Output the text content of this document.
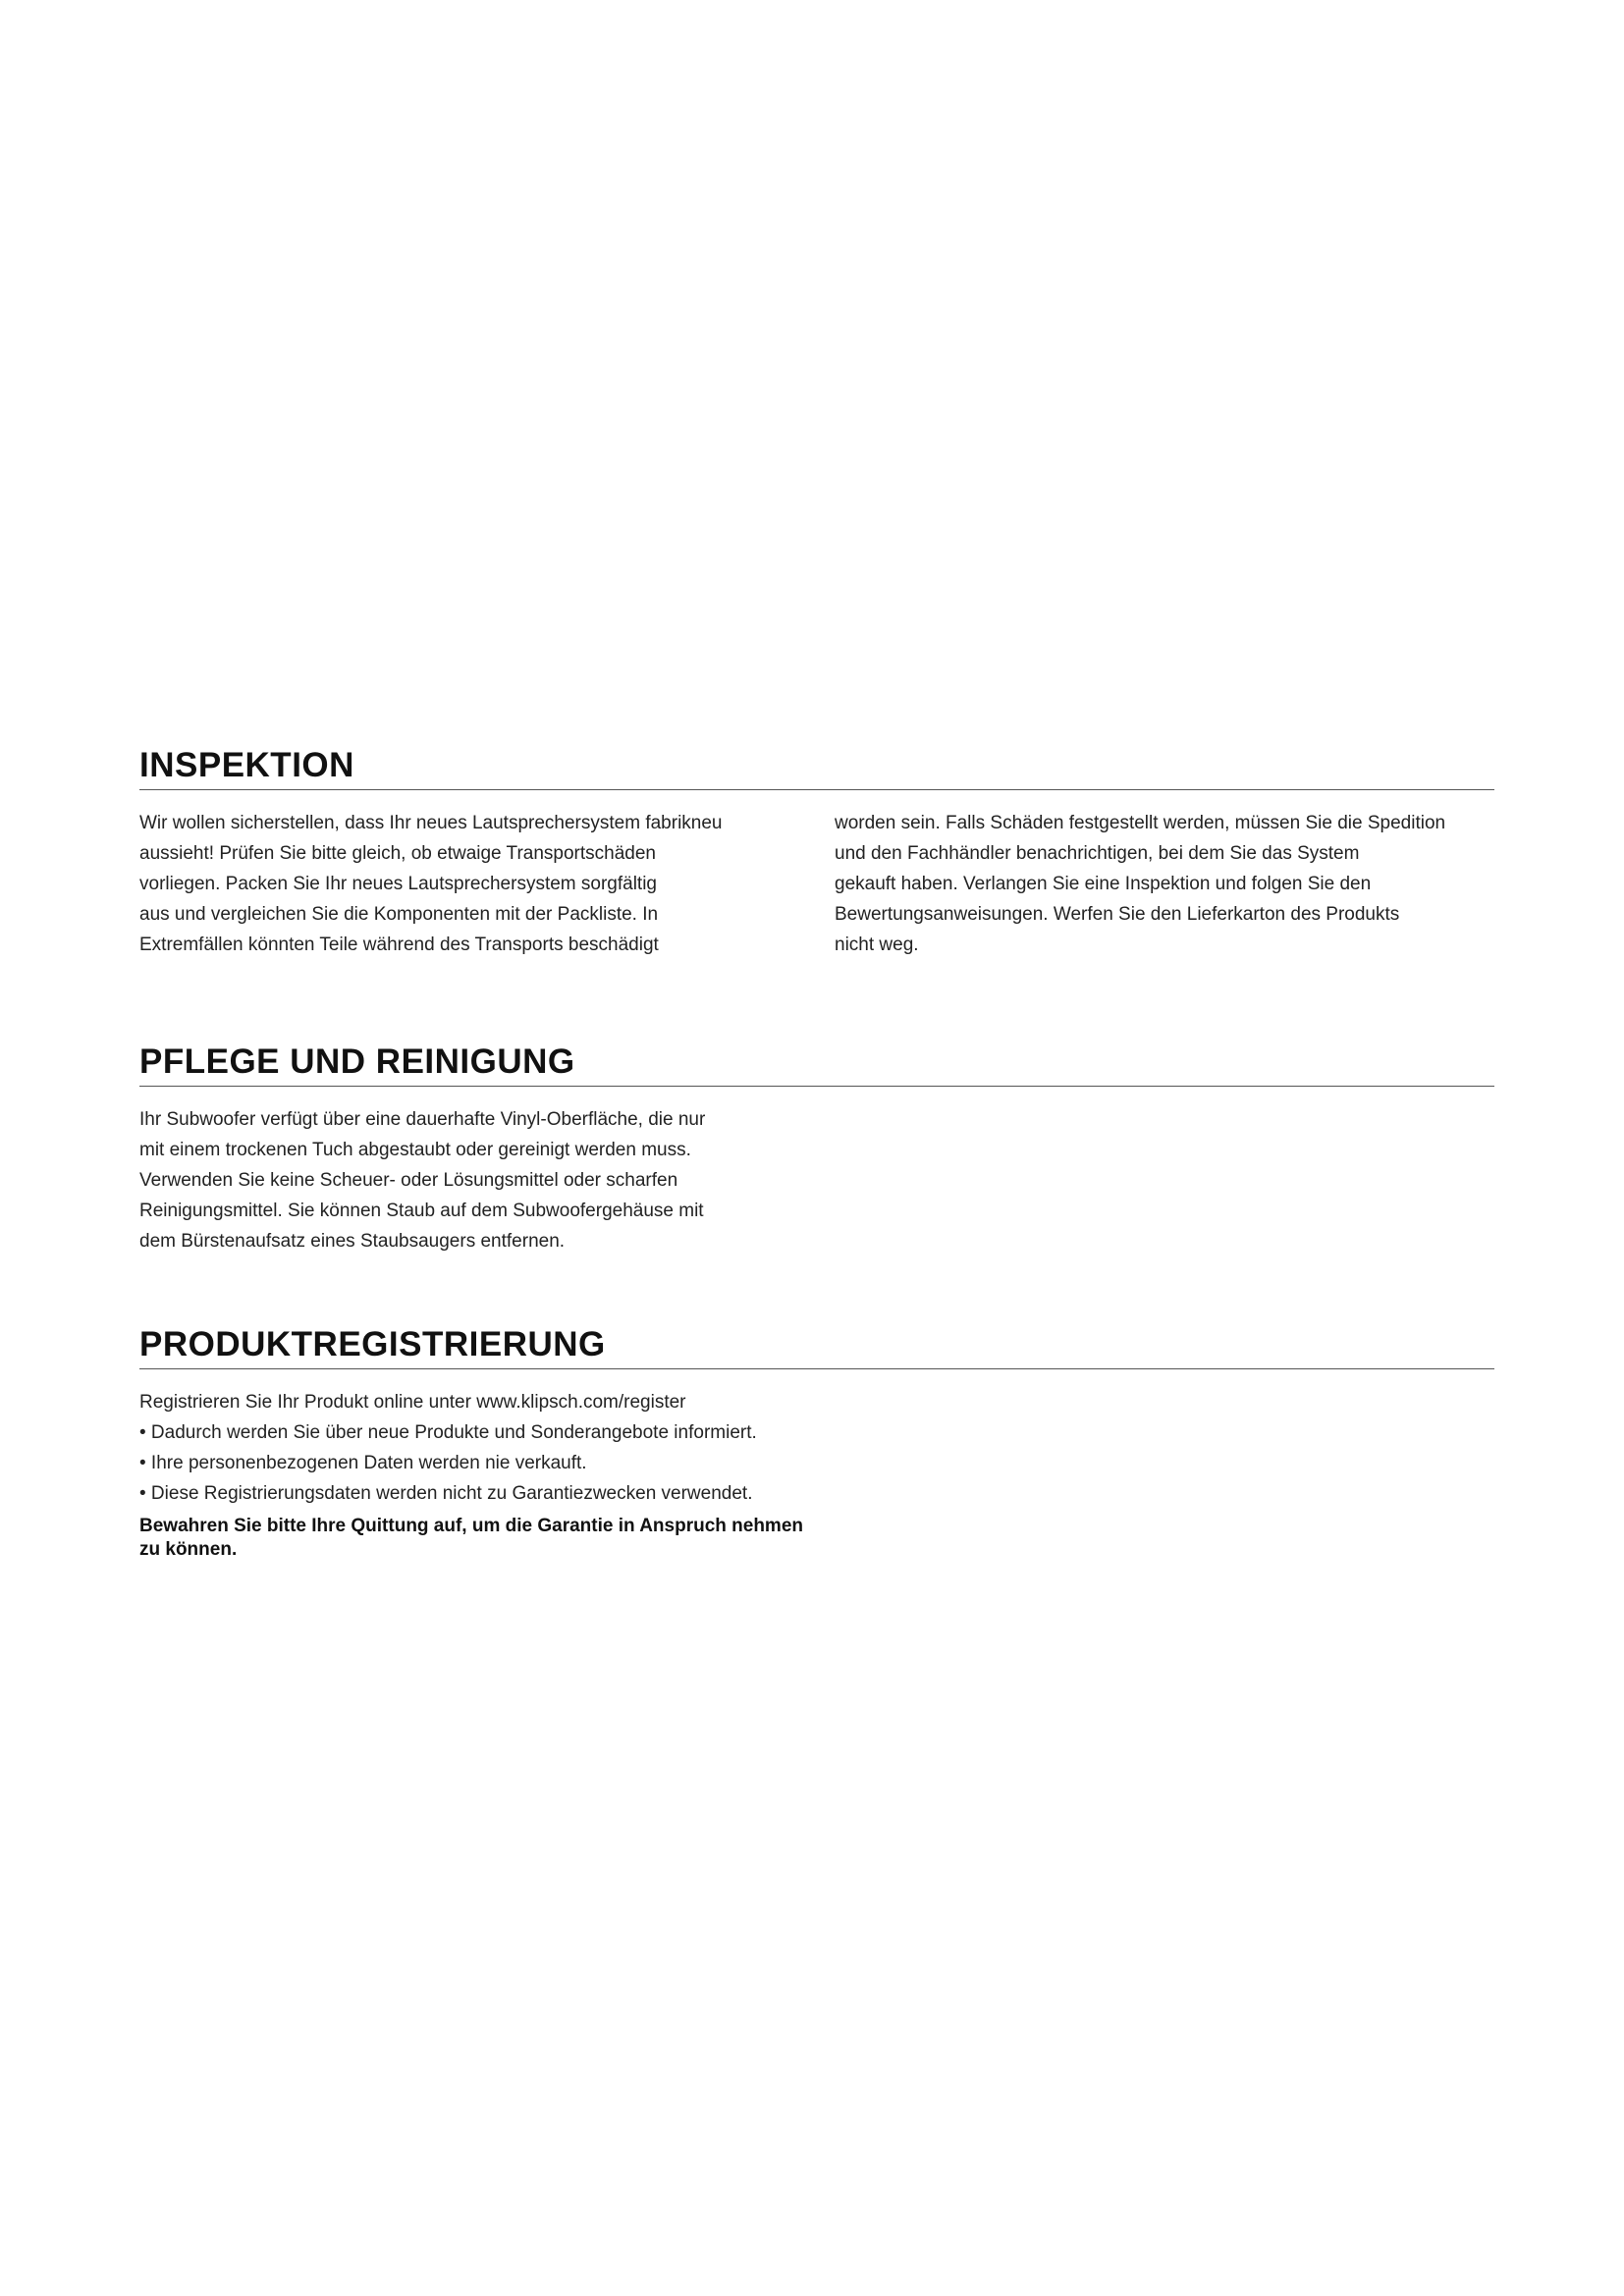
INSPEKTION

Wir wollen sicherstellen, dass Ihr neues Lautsprechersystem fabrikneu
aussieht! Prüfen Sie bitte gleich, ob etwaige Transportschäden
vorliegen. Packen Sie Ihr neues Lautsprechersystem sorgfältig
aus und vergleichen Sie die Komponenten mit der Packliste. In
Extremfällen könnten Teile während des Transports beschädigt

worden sein. Falls Schäden festgestellt werden, müssen Sie die Spedition
und den Fachhändler benachrichtigen, bei dem Sie das System
gekauft haben. Verlangen Sie eine Inspektion und folgen Sie den
Bewertungsanweisungen. Werfen Sie den Lieferkarton des Produkts
nicht weg.

PFLEGE UND REINIGUNG

Ihr Subwoofer verfügt über eine dauerhafte Vinyl-Oberfläche, die nur
mit einem trockenen Tuch abgestaubt oder gereinigt werden muss.
Verwenden Sie keine Scheuer- oder Lösungsmittel oder scharfen
Reinigungsmittel. Sie können Staub auf dem Subwoofergehäuse mit
dem Bürstenaufsatz eines Staubsaugers entfernen.

PRODUKTREGISTRIERUNG

Registrieren Sie Ihr Produkt online unter www.klipsch.com/register
• Dadurch werden Sie über neue Produkte und Sonderangebote informiert.
• Ihre personenbezogenen Daten werden nie verkauft.
• Diese Registrierungsdaten werden nicht zu Garantiezwecken verwendet.

Bewahren Sie bitte Ihre Quittung auf, um die Garantie in Anspruch nehmen zu können.
